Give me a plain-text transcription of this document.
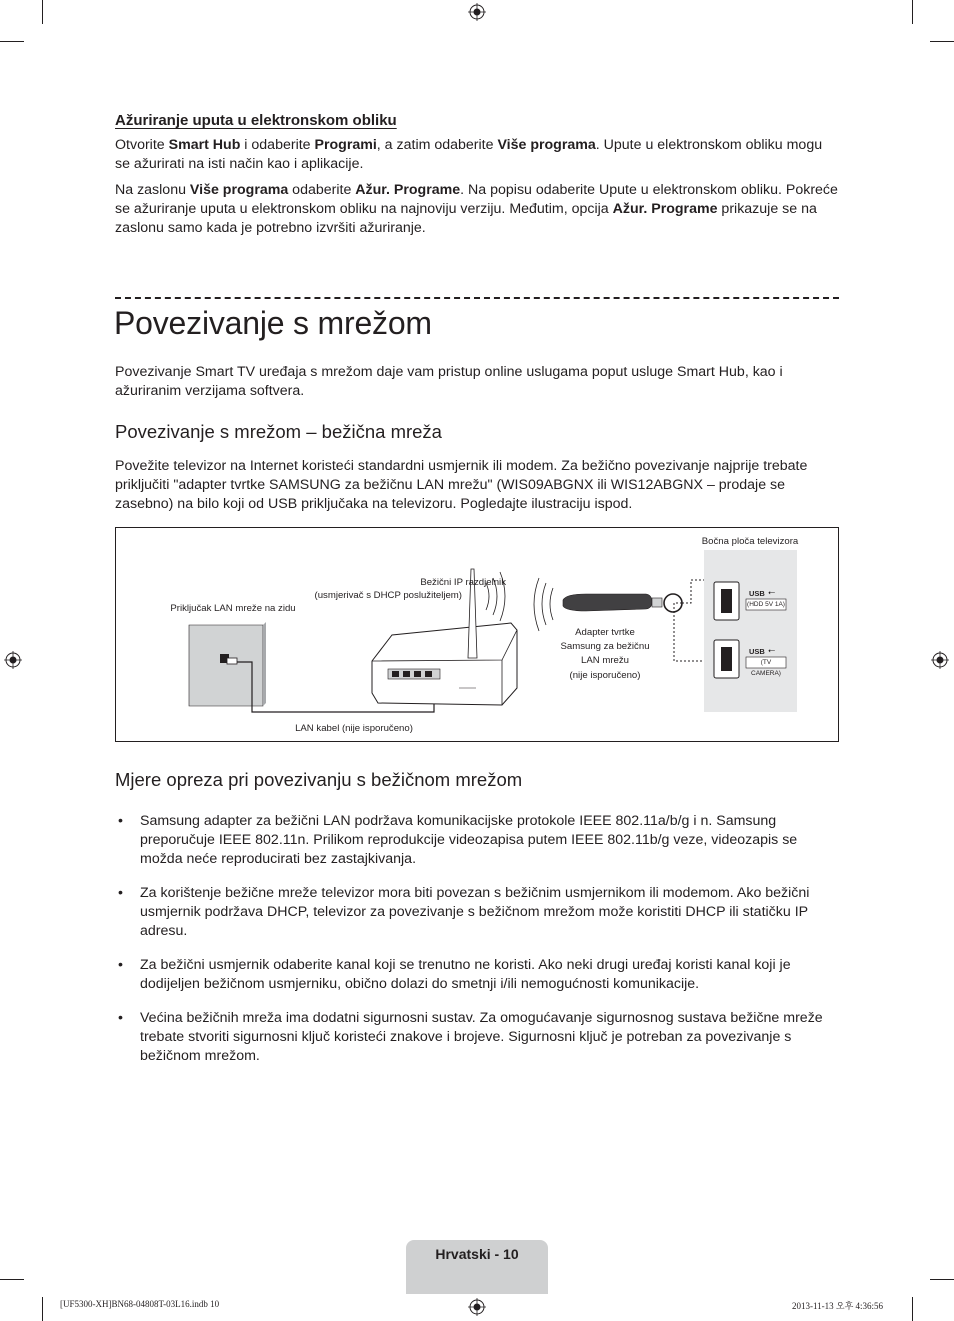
Ažuriranje uputa u elektronskom obliku

Otvorite Smart Hub i odaberite Programi, a zatim odaberite Više programa. Upute u elektronskom obliku mogu se ažurirati na isti način kao i aplikacije.

Na zaslonu Više programa odaberite Ažur. Programe. Na popisu odaberite Upute u elektronskom obliku. Pokreće se ažuriranje uputa u elektronskom obliku na najnoviju verziju. Međutim, opcija Ažur. Programe prikazuje se na zaslonu samo kada je potrebno izvršiti ažuriranje.

Povezivanje s mrežom

Povezivanje Smart TV uređaja s mrežom daje vam pristup online uslugama poput usluge Smart Hub, kao i ažuriranim verzijama softvera.

Povezivanje s mrežom – bežična mreža

Povežite televizor na Internet koristeći standardni usmjernik ili modem. Za bežično povezivanje najprije trebate priključiti "adapter tvrtke SAMSUNG za bežičnu LAN mrežu" (WIS09ABGNX ili WIS12ABGNX – prodaje se zasebno) na bilo koji od USB priključaka na televizoru. Pogledajte ilustraciju ispod.

Bočna ploča televizora
Bežični IP razdjelnik
(usmjerivač s DHCP poslužiteljem)
Priključak LAN mreže na zidu
Adapter tvrtke
Samsung za bežičnu
LAN mrežu
(nije isporučeno)
LAN kabel (nije isporučeno)
USB ⭠
(HDD 5V 1A)
USB ⭠
(TV CAMERA)
Mjere opreza pri povezivanju s bežičnom mrežom
• Samsung adapter za bežični LAN podržava komunikacijske protokole IEEE 802.11a/b/g i n. Samsung preporučuje IEEE 802.11n. Prilikom reprodukcije videozapisa putem IEEE 802.11b/g veze, videozapis se možda neće reproducirati bez zastajkivanja.
• Za korištenje bežične mreže televizor mora biti povezan s bežičnim usmjernikom ili modemom. Ako bežični usmjernik podržava DHCP, televizor za povezivanje s bežičnom mrežom može koristiti DHCP ili statičku IP adresu.
• Za bežični usmjernik odaberite kanal koji se trenutno ne koristi. Ako neki drugi uređaj koristi kanal koji je dodijeljen bežičnom usmjerniku, obično dolazi do smetnji i/ili nemogućnosti komunikacije.
• Većina bežičnih mreža ima dodatni sigurnosni sustav. Za omogućavanje sigurnosnog sustava bežične mreže trebate stvoriti sigurnosni ključ koristeći znakove i brojeve. Sigurnosni ključ je potreban za povezivanje s bežičnom mrežom.
Hrvatski - 10
[UF5300-XH]BN68-04808T-03L16.indb 10	2013-11-13 오후 4:36:56
